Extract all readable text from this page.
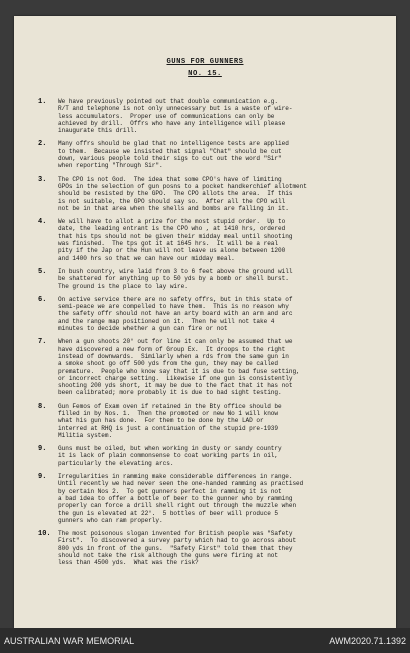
GUNS FOR GUNNERS
NO. 15.
1.	We have previously pointed out that double communication e.g.
R/T and telephone is not only unnecessary but is a waste of wire-
less accumulators.  Proper use of communications can only be
achieved by drill.  Offrs who have any intelligence will please
inaugurate this drill.
2.	Many offrs should be glad that no intelligence tests are applied
to them.  Because we insisted that signal "Chat" should be cut
down, various people told their sigs to cut out the word "Sir"
when reporting "Through Sir".
3.	The CPO is not God.  The idea that some CPO's have of limiting
GPOs in the selection of gun posns to a pocket handkerchief allotment
should be resisted by the GPO.  The CPO allots the area.  If this
is not suitable, the GPO should say so.  After all the CPO will
not be in that area when the shells and bombs are falling in it.
4.	We will have to allot a prize for the most stupid order.  Up to
date, the leading entrant is the CPO who , at 1410 hrs, ordered
that his tps should not be given their midday meal until shooting
was finished.  The tps got it at 1645 hrs.  It will be a real
pity if the Jap or the Hun will not leave us alone between 1200
and 1400 hrs so that we can have our midday meal.
5.	In bush country, wire laid from 3 to 6 feet above the ground will
be shattered for anything up to 50 yds by a bomb or shell burst.
The ground is the place to lay wire.
6.	On active service there are no safety offrs, but in this state of
semi-peace we are compelled to have them.  This is no reason why
the safety offr should not have an arty board with an arm and arc
and the range map positioned on it.  Then he will not take 4
minutes to decide whether a gun can fire or not
7.	When a gun shoots 20° out for line it can only be assumed that we
have discovered a new form of Group Ex.  It droops to the right
instead of downwards.  Similarly when a rds from the same gun in
a smoke shoot go off 500 yds from the gun, they may be called
premature.  People who know say that it is due to bad fuse setting,
or incorrect charge setting.  Likewise if one gun is consistently
shooting 200 yds short, it may be due to the fact that it has not
been calibrated; more probably it is due to bad sight testing.
8.	Gun Femos of Exam oven if retained in the Bty office should be
filled in by Nos. 1.  Then the promoted or new No 1 will know
what his gun has done.  For them to be done by the LAD or
interred at RHQ is just a continuation of the stupid pre-1939
Militia system.
9.	Guns must be oiled, but when working in dusty or sandy country
it is lack of plain commonsense to coat working parts in oil,
particularly the elevating arcs.
9.	Irregularities in ramming make considerable differences in range.
Until recently we had never seen the one-handed ramming as practised
by certain Nos 2.  To get gunners perfect in ramming it is not
a bad idea to offer a bottle of beer to the gunner who by ramming
properly can force a drill shell right out through the muzzle when
the gun is elevated at 22°.  5 bottles of beer will produce 5
gunners who can ram properly.
10.	The most poisonous slogan invented for British people was "Safety
First".  To discovered a survey party which had to go across about
800 yds in front of the guns.  "Safety First" told them that they
should not take the risk although the guns were firing at not
less than 4500 yds.  What was the risk?
AUSTRALIAN WAR MEMORIAL	AWM2020.71.1392
